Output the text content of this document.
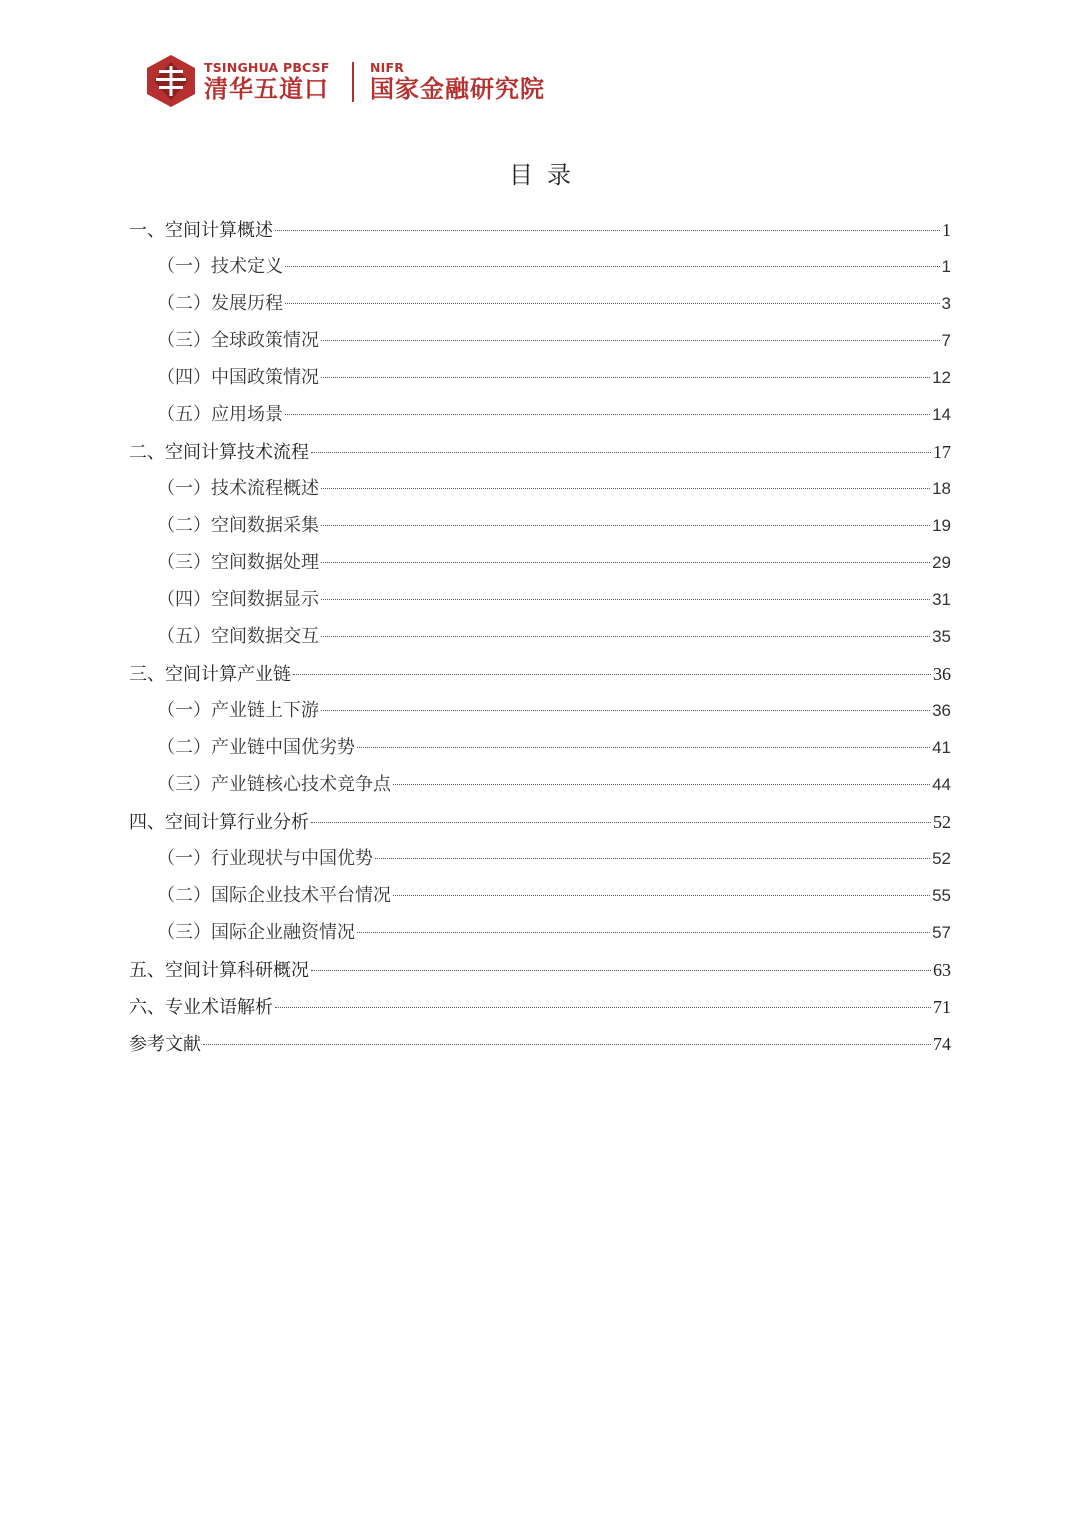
TSINGHUA PBCSF
清华五道口
NIFR
国家金融研究院
目录
一、空间计算概述	1
（一）技术定义	1
（二）发展历程	3
（三）全球政策情况	7
（四）中国政策情况	12
（五）应用场景	14
二、空间计算技术流程	17
（一）技术流程概述	18
（二）空间数据采集	19
（三）空间数据处理	29
（四）空间数据显示	31
（五）空间数据交互	35
三、空间计算产业链	36
（一）产业链上下游	36
（二）产业链中国优劣势	41
（三）产业链核心技术竞争点	44
四、空间计算行业分析	52
（一）行业现状与中国优势	52
（二）国际企业技术平台情况	55
（三）国际企业融资情况	57
五、空间计算科研概况	63
六、专业术语解析	71
参考文献	74
